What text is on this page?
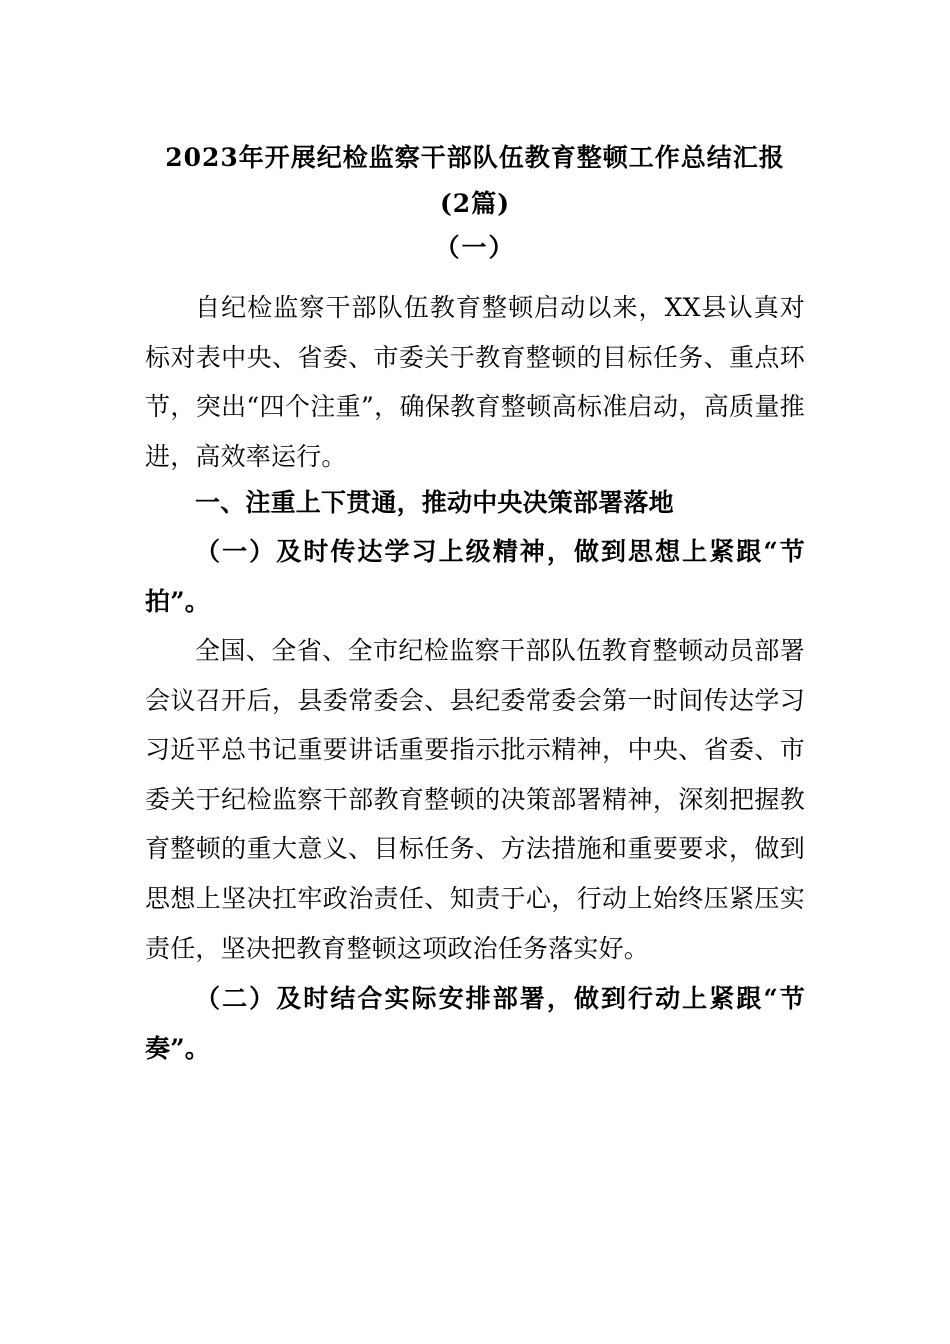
2023年开展纪检监察干部队伍教育整顿工作总结汇报
(2篇)
（一）

自纪检监察干部队伍教育整顿启动以来，XX县认真对标对表中央、省委、市委关于教育整顿的目标任务、重点环节，突出“四个注重”，确保教育整顿高标准启动，高质量推进，高效率运行。

一、注重上下贯通，推动中央决策部署落地

（一）及时传达学习上级精神，做到思想上紧跟“节拍”。

全国、全省、全市纪检监察干部队伍教育整顿动员部署会议召开后，县委常委会、县纪委常委会第一时间传达学习习近平总书记重要讲话重要指示批示精神，中央、省委、市委关于纪检监察干部教育整顿的决策部署精神，深刻把握教育整顿的重大意义、目标任务、方法措施和重要要求，做到思想上坚决扛牢政治责任、知责于心，行动上始终压紧压实责任，坚决把教育整顿这项政治任务落实好。

（二）及时结合实际安排部署，做到行动上紧跟“节奏”。
